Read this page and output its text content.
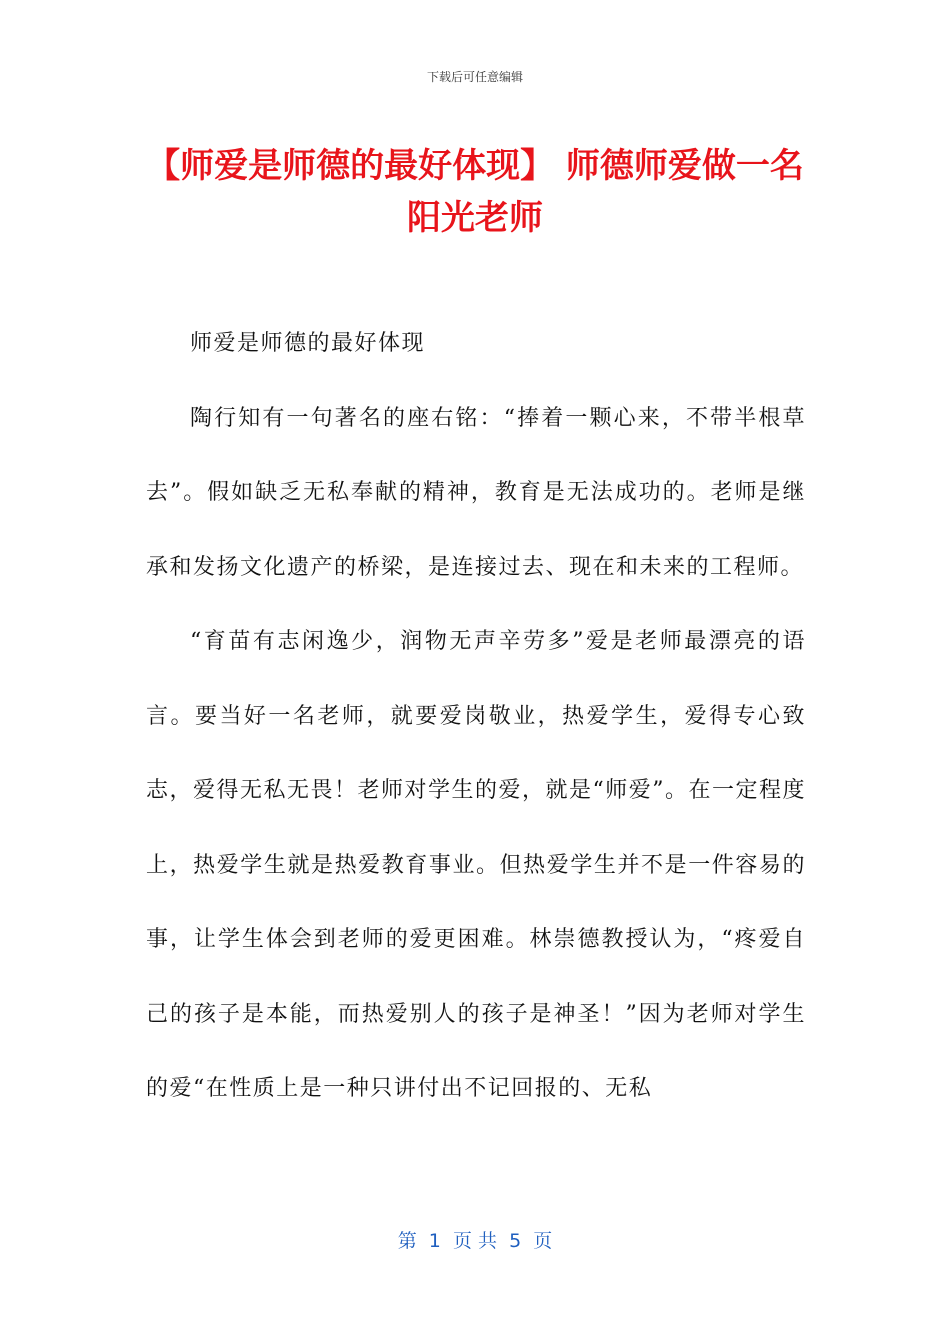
下载后可任意编辑
【师爱是师德的最好体现】 师德师爱做一名阳光老师

师爱是师德的最好体现

陶行知有一句著名的座右铭：“捧着一颗心来，不带半根草去”。假如缺乏无私奉献的精神，教育是无法成功的。老师是继承和发扬文化遗产的桥梁，是连接过去、现在和未来的工程师。

“育苗有志闲逸少，润物无声辛劳多”爱是老师最漂亮的语言。要当好一名老师，就要爱岗敬业，热爱学生，爱得专心致志，爱得无私无畏！老师对学生的爱，就是“师爱”。在一定程度上，热爱学生就是热爱教育事业。但热爱学生并不是一件容易的事，让学生体会到老师的爱更困难。林崇德教授认为，“疼爱自己的孩子是本能，而热爱别人的孩子是神圣！”因为老师对学生的爱“在性质上是一种只讲付出不记回报的、无私

第  1  页 共  5  页
